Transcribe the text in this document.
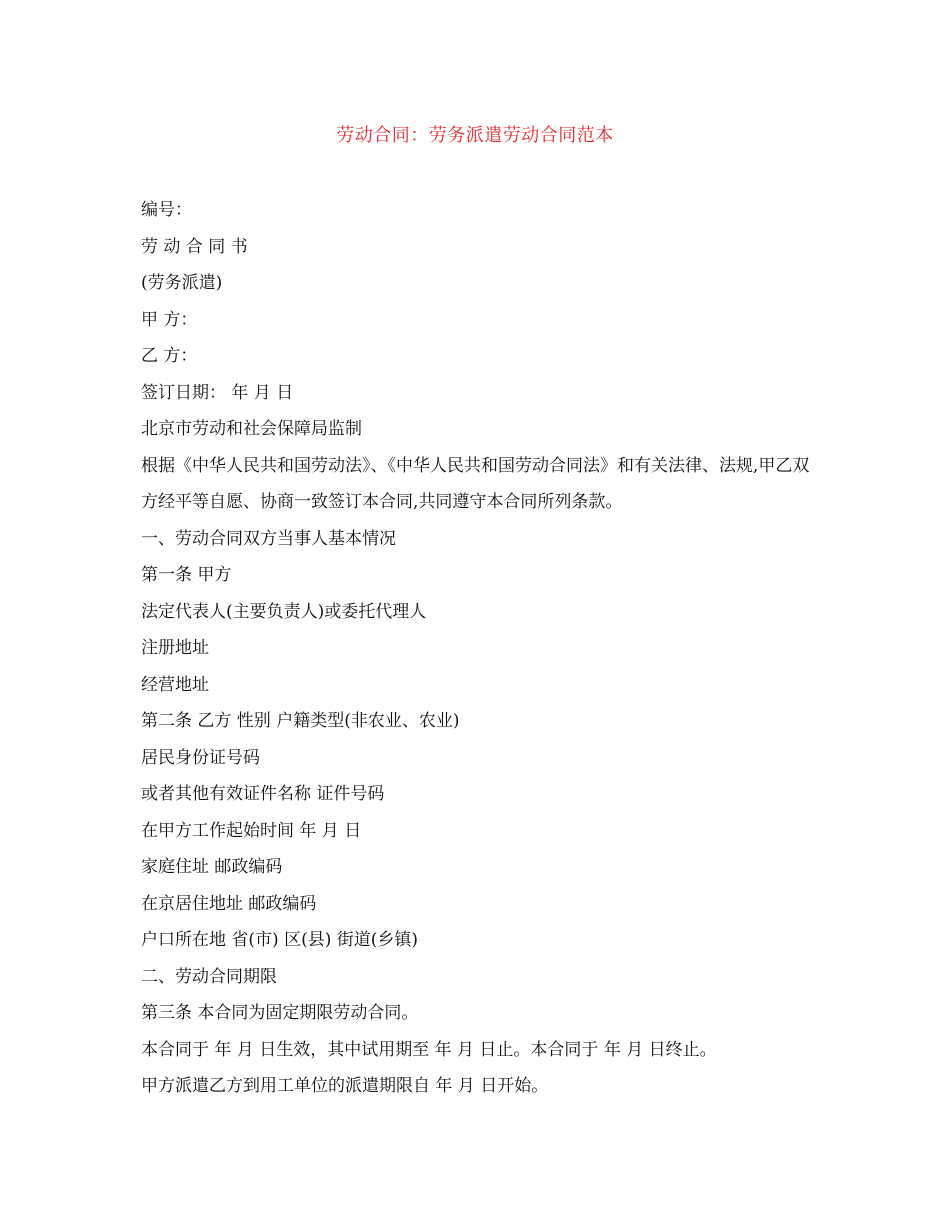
劳动合同：劳务派遣劳动合同范本
编号：
劳 动 合 同 书
(劳务派遣)
甲 方：
乙 方：
签订日期： 年 月 日
北京市劳动和社会保障局监制
根据《中华人民共和国劳动法》、《中华人民共和国劳动合同法》和有关法律、法规,甲乙双方经平等自愿、协商一致签订本合同,共同遵守本合同所列条款。
一、劳动合同双方当事人基本情况
第一条 甲方
法定代表人(主要负责人)或委托代理人
注册地址
经营地址
第二条 乙方 性别 户籍类型(非农业、农业)
居民身份证号码
或者其他有效证件名称 证件号码
在甲方工作起始时间 年 月 日
家庭住址 邮政编码
在京居住地址 邮政编码
户口所在地 省(市) 区(县) 街道(乡镇)
二、劳动合同期限
第三条 本合同为固定期限劳动合同。
本合同于 年 月 日生效，其中试用期至 年 月 日止。本合同于 年 月 日终止。
甲方派遣乙方到用工单位的派遣期限自 年 月 日开始。
